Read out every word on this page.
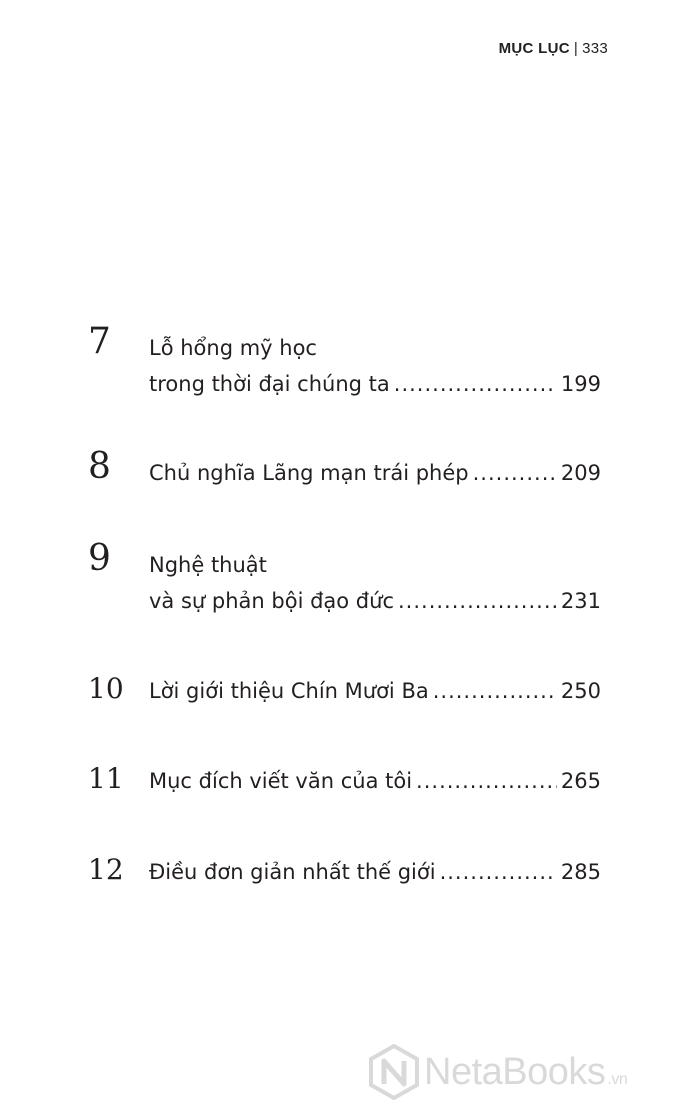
MỤC LỤC | 333
7 Lỗ hổng mỹ học
trong thời đại chúng ta .....	199
8 Chủ nghĩa Lãng mạn trái phép .....	209
9 Nghệ thuật
và sự phản bội đạo đức .....	231
10 Lời giới thiệu Chín Mươi Ba .....	250
11 Mục đích viết văn của tôi .....	265
12 Điều đơn giản nhất thế giới .....	285
NetaBooks .vn
